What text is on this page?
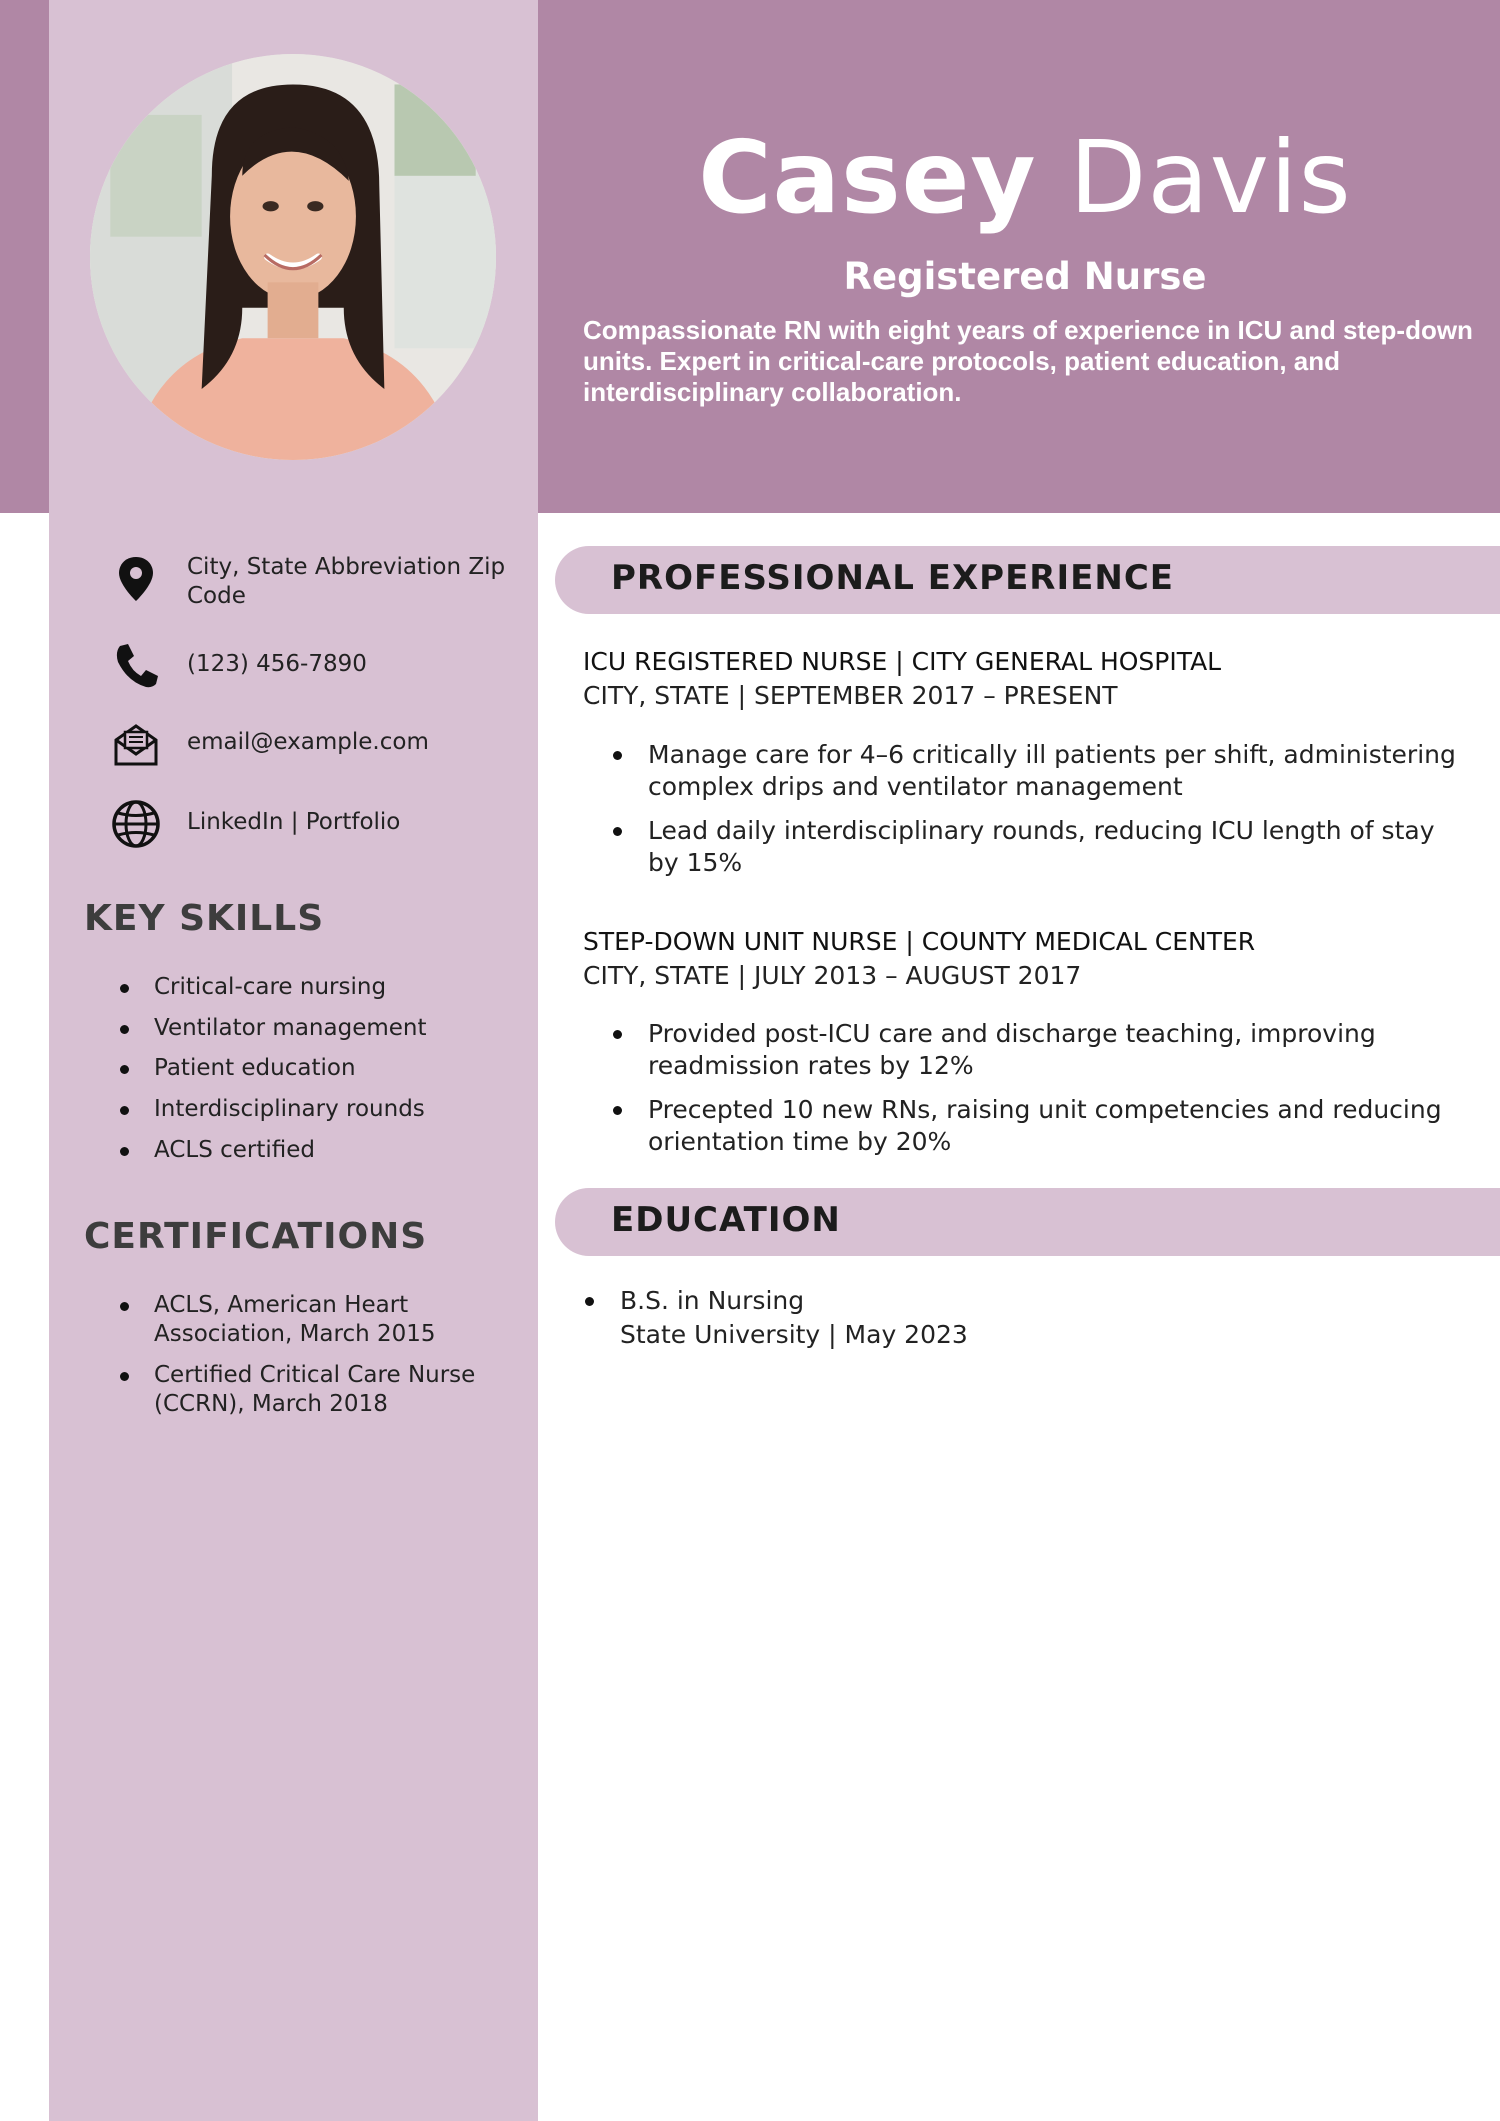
Casey Davis
Registered Nurse
Compassionate RN with eight years of experience in ICU and step-down units. Expert in critical-care protocols, patient education, and interdisciplinary collaboration.
City, State Abbreviation Zip Code
(123) 456-7890
email@example.com
LinkedIn | Portfolio
KEY SKILLS
Critical-care nursing
Ventilator management
Patient education
Interdisciplinary rounds
ACLS certified
CERTIFICATIONS
ACLS, American Heart Association, March 2015
Certified Critical Care Nurse (CCRN), March 2018
PROFESSIONAL EXPERIENCE
ICU REGISTERED NURSE | CITY GENERAL HOSPITAL
CITY, STATE | SEPTEMBER 2017 – PRESENT
Manage care for 4–6 critically ill patients per shift, administering complex drips and ventilator management
Lead daily interdisciplinary rounds, reducing ICU length of stay by 15%
STEP-DOWN UNIT NURSE | COUNTY MEDICAL CENTER
CITY, STATE | JULY 2013 – AUGUST 2017
Provided post-ICU care and discharge teaching, improving readmission rates by 12%
Precepted 10 new RNs, raising unit competencies and reducing orientation time by 20%
EDUCATION
B.S. in Nursing
State University | May 2023
